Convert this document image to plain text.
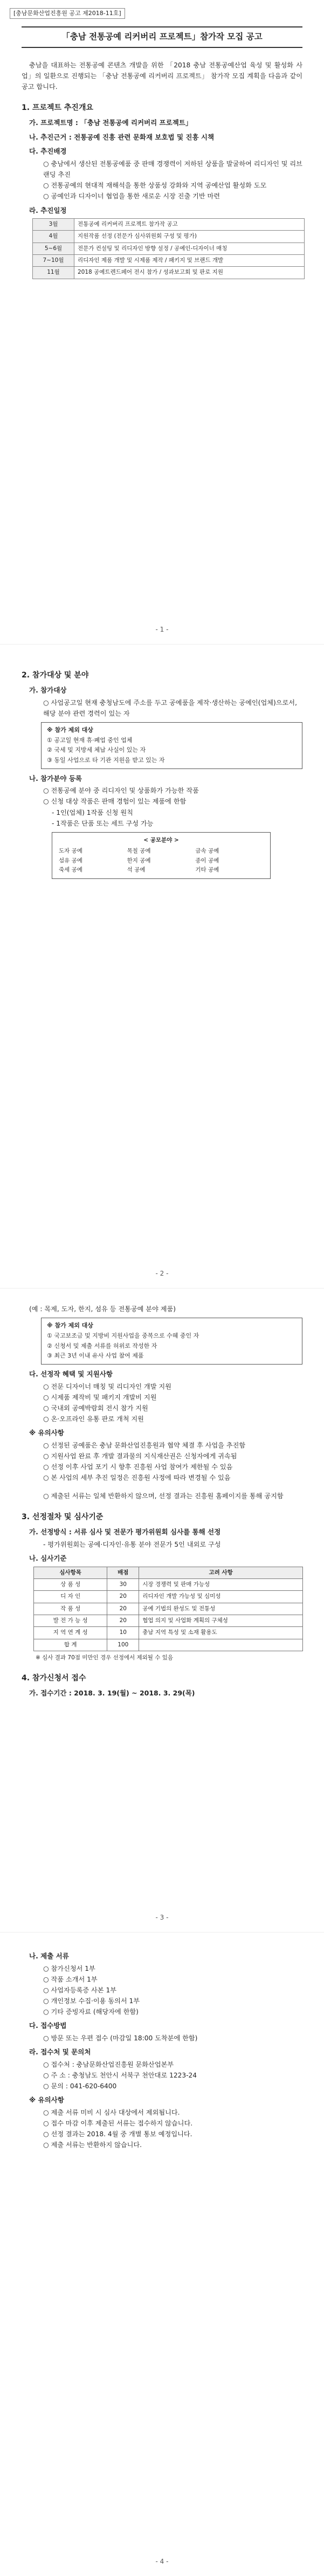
[충남문화산업진흥원 공고 제2018-11호]
「충남 전통공예 리커버리 프로젝트」참가작 모집 공고

충남을 대표하는 전통공예 콘텐츠 개발을 위한 「2018 충남 전통공예산업 육성 및 활성화 사업」의 일환으로 진행되는 「충남 전통공예 리커버리 프로젝트」 참가작 모집 계획을 다음과 같이 공고 합니다.

1. 프로젝트 추진개요
가. 프로젝트명 : 「충남 전통공예 리커버리 프로젝트」
나. 추진근거 : 전통공예 진흥 관련 문화재 보호법 및 진흥 시책
다. 추진배경
○ 충남에서 생산된 전통공예품 중 판매 경쟁력이 저하된 상품을 발굴하여 리디자인 및 리브랜딩 추진
○ 전통공예의 현대적 재해석을 통한 상품성 강화와 지역 공예산업 활성화 도모
○ 공예인과 디자이너 협업을 통한 새로운 시장 진출 기반 마련
라. 추진일정
3월	전통공예 리커버리 프로젝트 참가작 공고
4월	지원작품 선정 (전문가 심사위원회 구성 및 평가)
5~6월	전문가 컨설팅 및 리디자인 방향 설정 / 공예인-디자이너 매칭
7~10월	리디자인 제품 개발 및 시제품 제작 / 패키지 및 브랜드 개발
11월	2018 공예트렌드페어 전시 참가 / 성과보고회 및 판로 지원
- 1 -
2. 참가대상 및 분야
가. 참가대상
○ 사업공고일 현재 충청남도에 주소를 두고 공예품을 제작·생산하는 공예인(업체)으로서, 해당 분야 관련 경력이 있는 자
※ 참가 제외 대상
① 공고일 현재 휴·폐업 중인 업체
② 국세 및 지방세 체납 사실이 있는 자
③ 동일 사업으로 타 기관 지원을 받고 있는 자
나. 참가분야 등록
○ 전통공예 분야 중 리디자인 및 상품화가 가능한 작품
○ 신청 대상 작품은 판매 경험이 있는 제품에 한함
- 1인(업체) 1작품 신청 원칙
- 1작품은 단품 또는 세트 구성 가능
< 공모분야 >
도자 공예	목칠 공예	금속 공예
섬유 공예	한지 공예	종이 공예
죽세 공예	석 공예	기타 공예
- 2 -
(예 : 목제, 도자, 한지, 섬유 등 전통공예 분야 제품)
※ 참가 제외 대상
① 국고보조금 및 지방비 지원사업을 중복으로 수혜 중인 자
② 신청서 및 제출 서류를 허위로 작성한 자
③ 최근 3년 이내 유사 사업 참여 제품
다. 선정작 혜택 및 지원사항
○ 전문 디자이너 매칭 및 리디자인 개발 지원
○ 시제품 제작비 및 패키지 개발비 지원
○ 국내외 공예박람회 전시 참가 지원
○ 온·오프라인 유통 판로 개척 지원
※ 유의사항
○ 선정된 공예품은 충남 문화산업진흥원과 협약 체결 후 사업을 추진함
○ 지원사업 완료 후 개발 결과물의 지식재산권은 신청자에게 귀속됨
○ 선정 이후 사업 포기 시 향후 진흥원 사업 참여가 제한될 수 있음
○ 본 사업의 세부 추진 일정은 진흥원 사정에 따라 변경될 수 있음
○ 제출된 서류는 일체 반환하지 않으며, 선정 결과는 진흥원 홈페이지를 통해 공지함
3. 선정절차 및 심사기준
가. 선정방식 : 서류 심사 및 전문가 평가위원회 심사를 통해 선정
- 평가위원회는 공예·디자인·유통 분야 전문가 5인 내외로 구성
나. 심사기준
심사항목	배점	고려 사항
상 품 성	30	시장 경쟁력 및 판매 가능성
디 자 인	20	리디자인 개발 가능성 및 심미성
작 품 성	20	공예 기법의 완성도 및 전통성
발 전 가 능 성	20	협업 의지 및 사업화 계획의 구체성
지 역 연 계 성	10	충남 지역 특성 및 소재 활용도
합 계	100	
※ 심사 결과 70점 미만인 경우 선정에서 제외될 수 있음
4. 참가신청서 접수
가. 접수기간 : 2018. 3. 19(월) ~ 2018. 3. 29(목)
- 3 -
나. 제출 서류
○ 참가신청서 1부
○ 작품 소개서 1부
○ 사업자등록증 사본 1부
○ 개인정보 수집·이용 동의서 1부
○ 기타 증빙자료 (해당자에 한함)
다. 접수방법
○ 방문 또는 우편 접수 (마감일 18:00 도착분에 한함)
라. 접수처 및 문의처
○ 접수처 : 충남문화산업진흥원 문화산업본부
○ 주 소 : 충청남도 천안시 서북구 천안대로 1223-24
○ 문의 : 041-620-6400
※ 유의사항
○ 제출 서류 미비 시 심사 대상에서 제외됩니다.
○ 접수 마감 이후 제출된 서류는 접수하지 않습니다.
○ 선정 결과는 2018. 4월 중 개별 통보 예정입니다.
○ 제출 서류는 반환하지 않습니다.
- 4 -
